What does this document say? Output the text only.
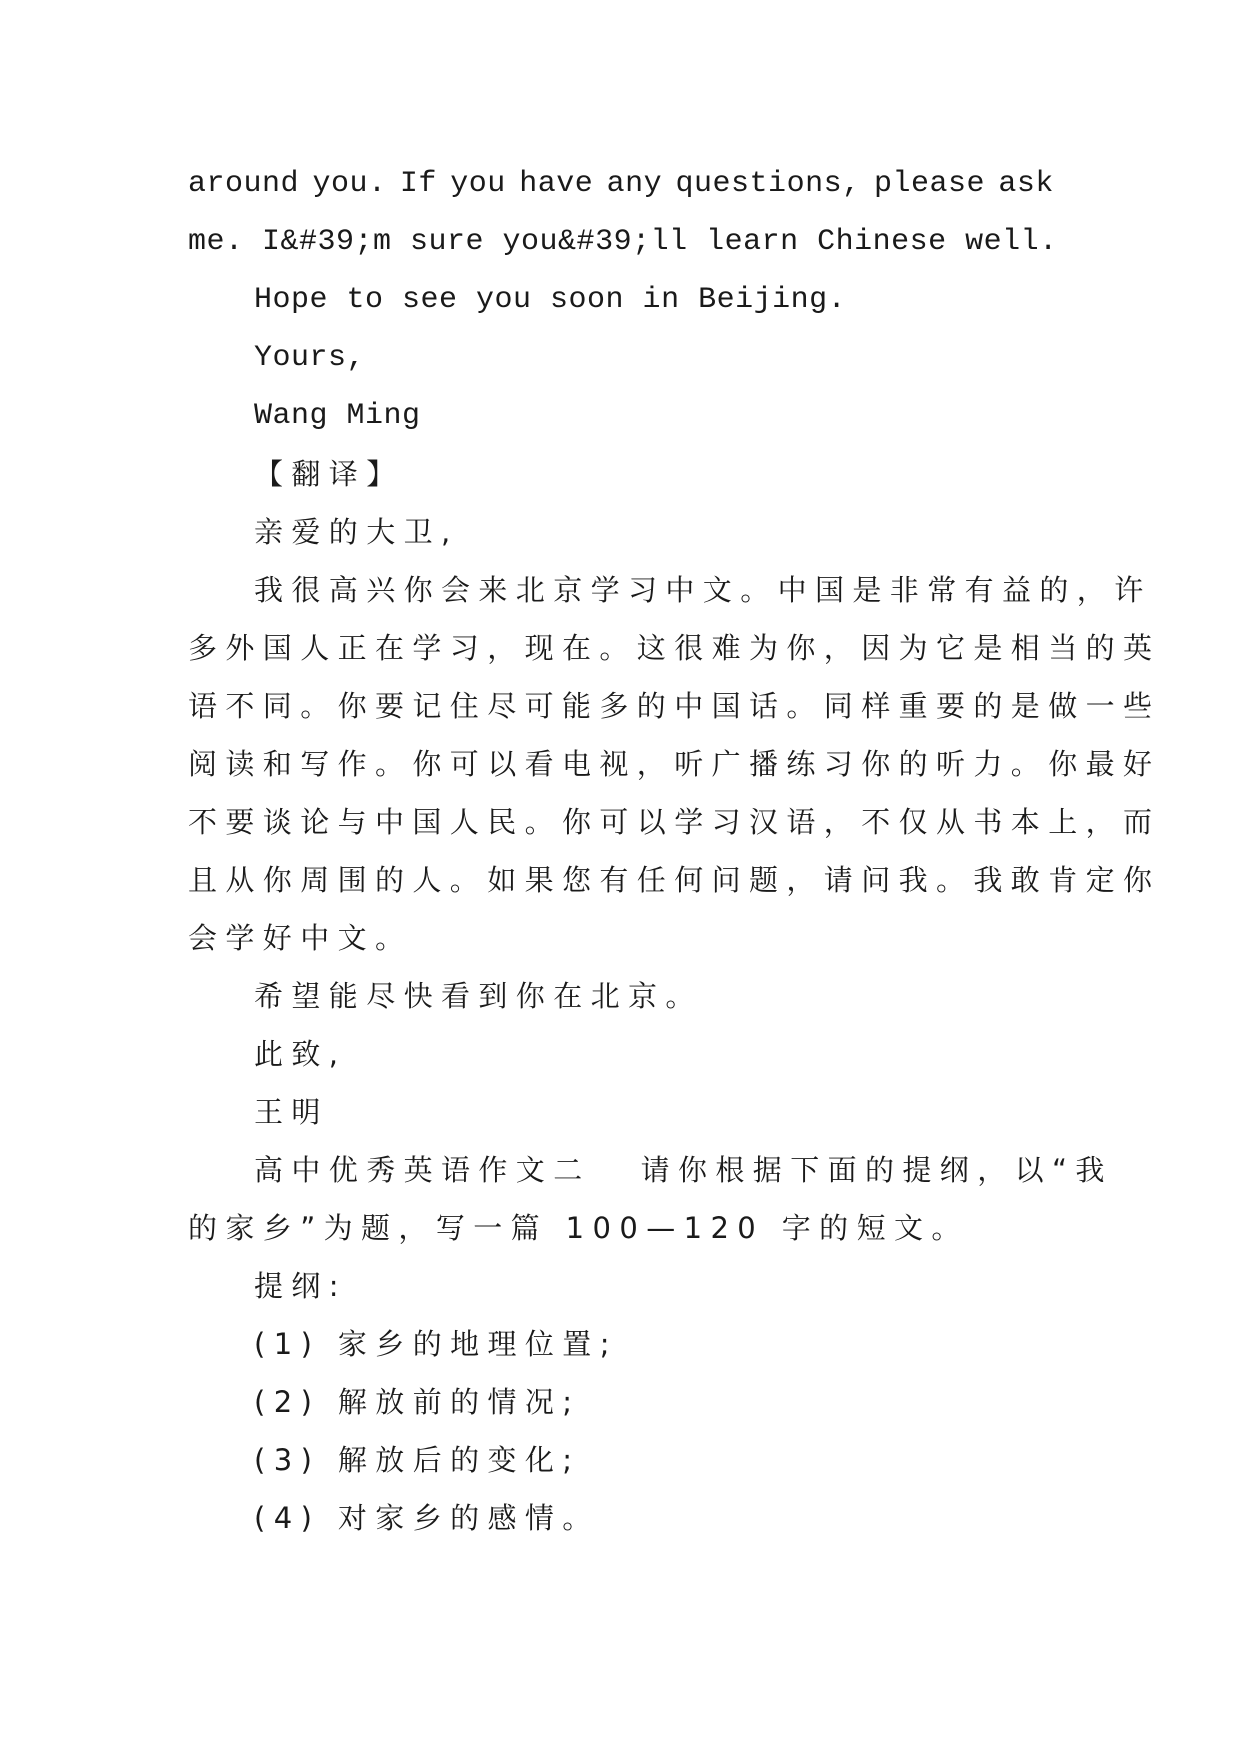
around you. If you have any questions, please ask
me. I&#39;m sure you&#39;ll learn Chinese well.
Hope to see you soon in Beijing.
Yours,
Wang Ming
【翻译】
亲爱的大卫,
我很高兴你会来北京学习中文。中国是非常有益的，许
多外国人正在学习，现在。这很难为你，因为它是相当的英
语不同。你要记住尽可能多的中国话。同样重要的是做一些
阅读和写作。你可以看电视，听广播练习你的听力。你最好
不要谈论与中国人民。你可以学习汉语，不仅从书本上，而
且从你周围的人。如果您有任何问题，请问我。我敢肯定你
会学好中文。
希望能尽快看到你在北京。
此致,
王明
高中优秀英语作文二 请你根据下面的提纲，以“我
的家乡”为题，写一篇 100—120 字的短文。
提纲:
(1) 家乡的地理位置;
(2) 解放前的情况;
(3) 解放后的变化;
(4) 对家乡的感情。
